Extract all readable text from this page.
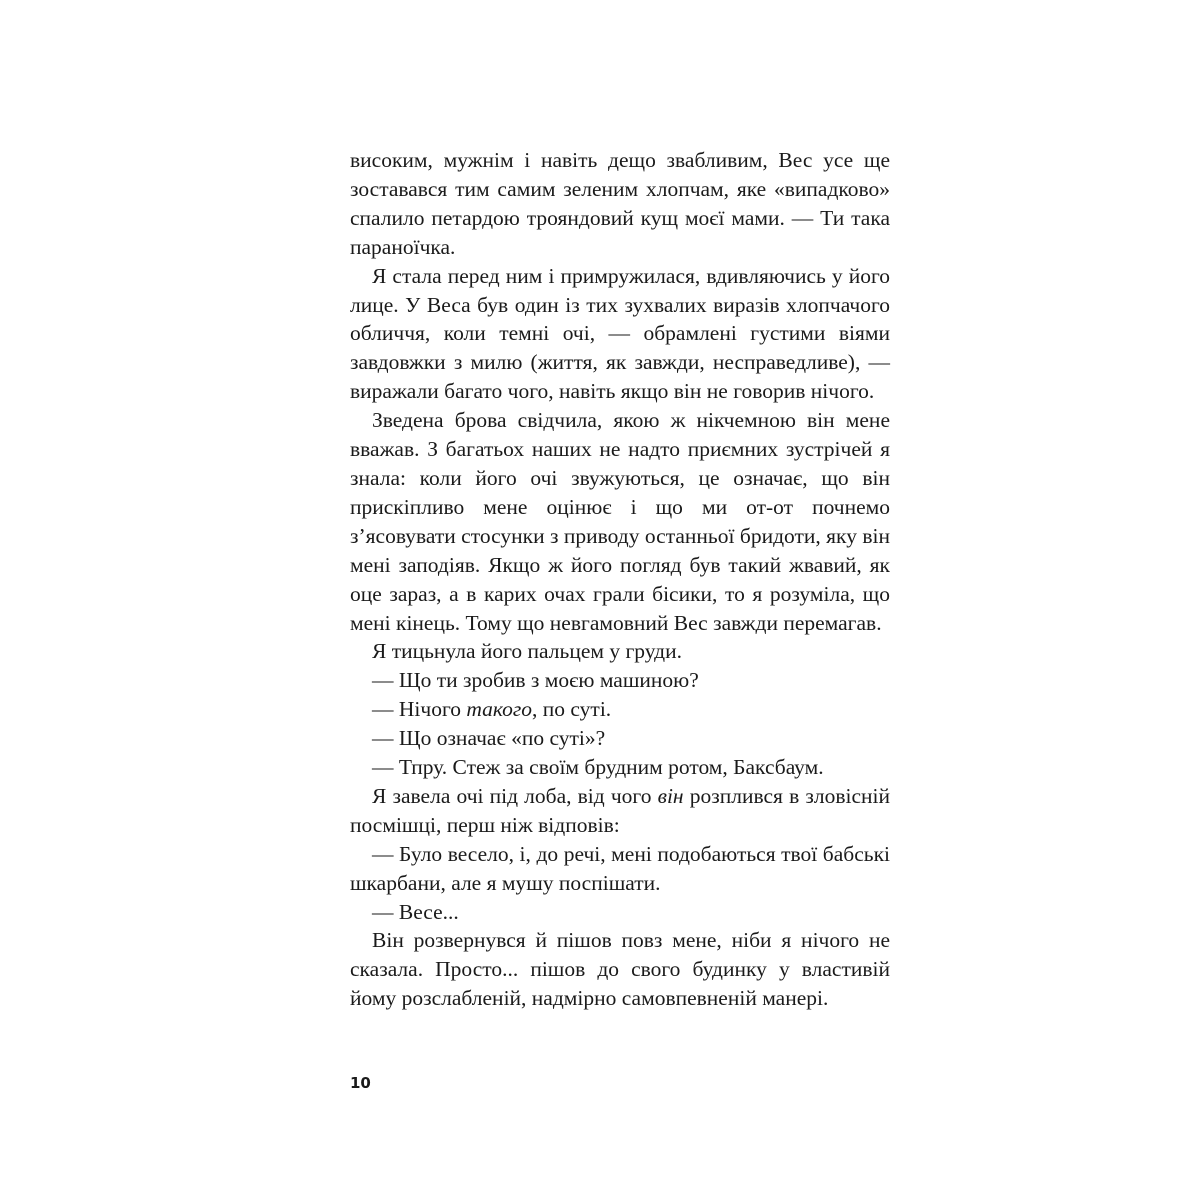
високим, мужнім і навіть дещо звабливим, Вес усе ще зоставався тим самим зеленим хлопчам, яке «випадково» спалило петардою трояндовий кущ моєї мами. — Ти така параноїчка.

Я стала перед ним і примружилася, вдивляючись у його лице. У Веса був один із тих зухвалих виразів хлопчачого обличчя, коли темні очі, — обрамлені густими віями завдовжки з милю (життя, як завжди, несправедливе), — виражали багато чого, навіть якщо він не говорив нічого.

Зведена брова свідчила, якою ж нікчемною він мене вважав. З багатьох наших не надто приємних зустрічей я знала: коли його очі звужуються, це означає, що він прискіпливо мене оцінює і що ми от-от почнемо з’ясовувати стосунки з приводу останньої бридоти, яку він мені заподіяв. Якщо ж його погляд був такий жвавий, як оце зараз, а в карих очах грали бісики, то я розуміла, що мені кінець. Тому що невгамовний Вес завжди перемагав.

Я тицьнула його пальцем у груди.

— Що ти зробив з моєю машиною?

— Нічого такого, по суті.

— Що означає «по суті»?

— Тпру. Стеж за своїм брудним ротом, Баксбаум.

Я завела очі під лоба, від чого він розплився в зловісній посмішці, перш ніж відповів:

— Було весело, і, до речі, мені подобаються твої бабські шкарбани, але я мушу поспішати.

— Весе...

Він розвернувся й пішов повз мене, ніби я нічого не сказала. Просто... пішов до свого будинку у властивій йому розслабленій, надмірно самовпевненій манері.

10
